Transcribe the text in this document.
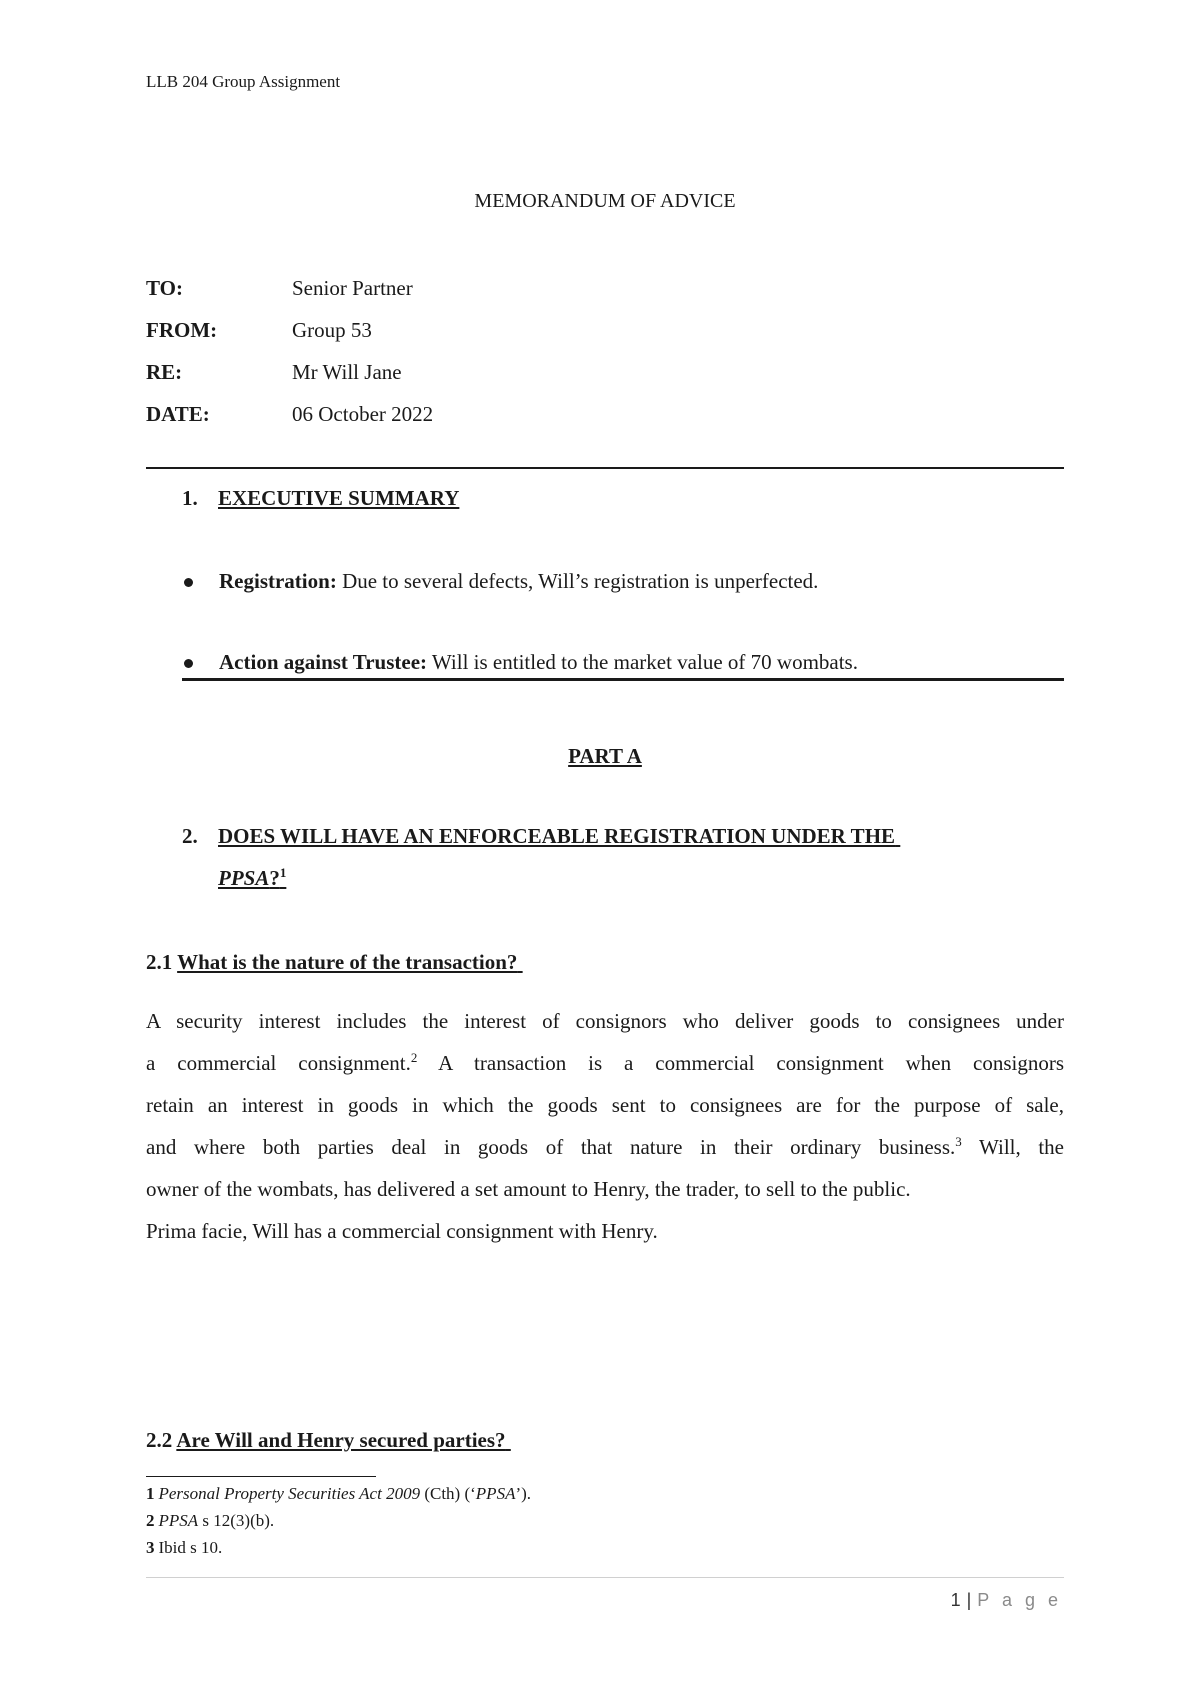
LLB 204 Group Assignment
MEMORANDUM OF ADVICE
TO:	Senior Partner
FROM:	Group 53
RE:	Mr Will Jane
DATE:	06 October 2022
1. EXECUTIVE SUMMARY
Registration: Due to several defects, Will’s registration is unperfected.
Action against Trustee: Will is entitled to the market value of 70 wombats.
PART A
2. DOES WILL HAVE AN ENFORCEABLE REGISTRATION UNDER THE
PPSA?$^1$
2.1 What is the nature of the transaction?
A security interest includes the interest of consignors who deliver goods to consignees under
a commercial consignment.$^2$ A transaction is a commercial consignment when consignors
retain an interest in goods in which the goods sent to consignees are for the purpose of sale,
and where both parties deal in goods of that nature in their ordinary business.$^3$ Will, the
owner of the wombats, has delivered a set amount to Henry, the trader, to sell to the public.
Prima facie, Will has a commercial consignment with Henry.
2.2 Are Will and Henry secured parties?
1 Personal Property Securities Act 2009 (Cth) (‘PPSA’).
2 PPSA s 12(3)(b).
3 Ibid s 10.
1 | P a g e
